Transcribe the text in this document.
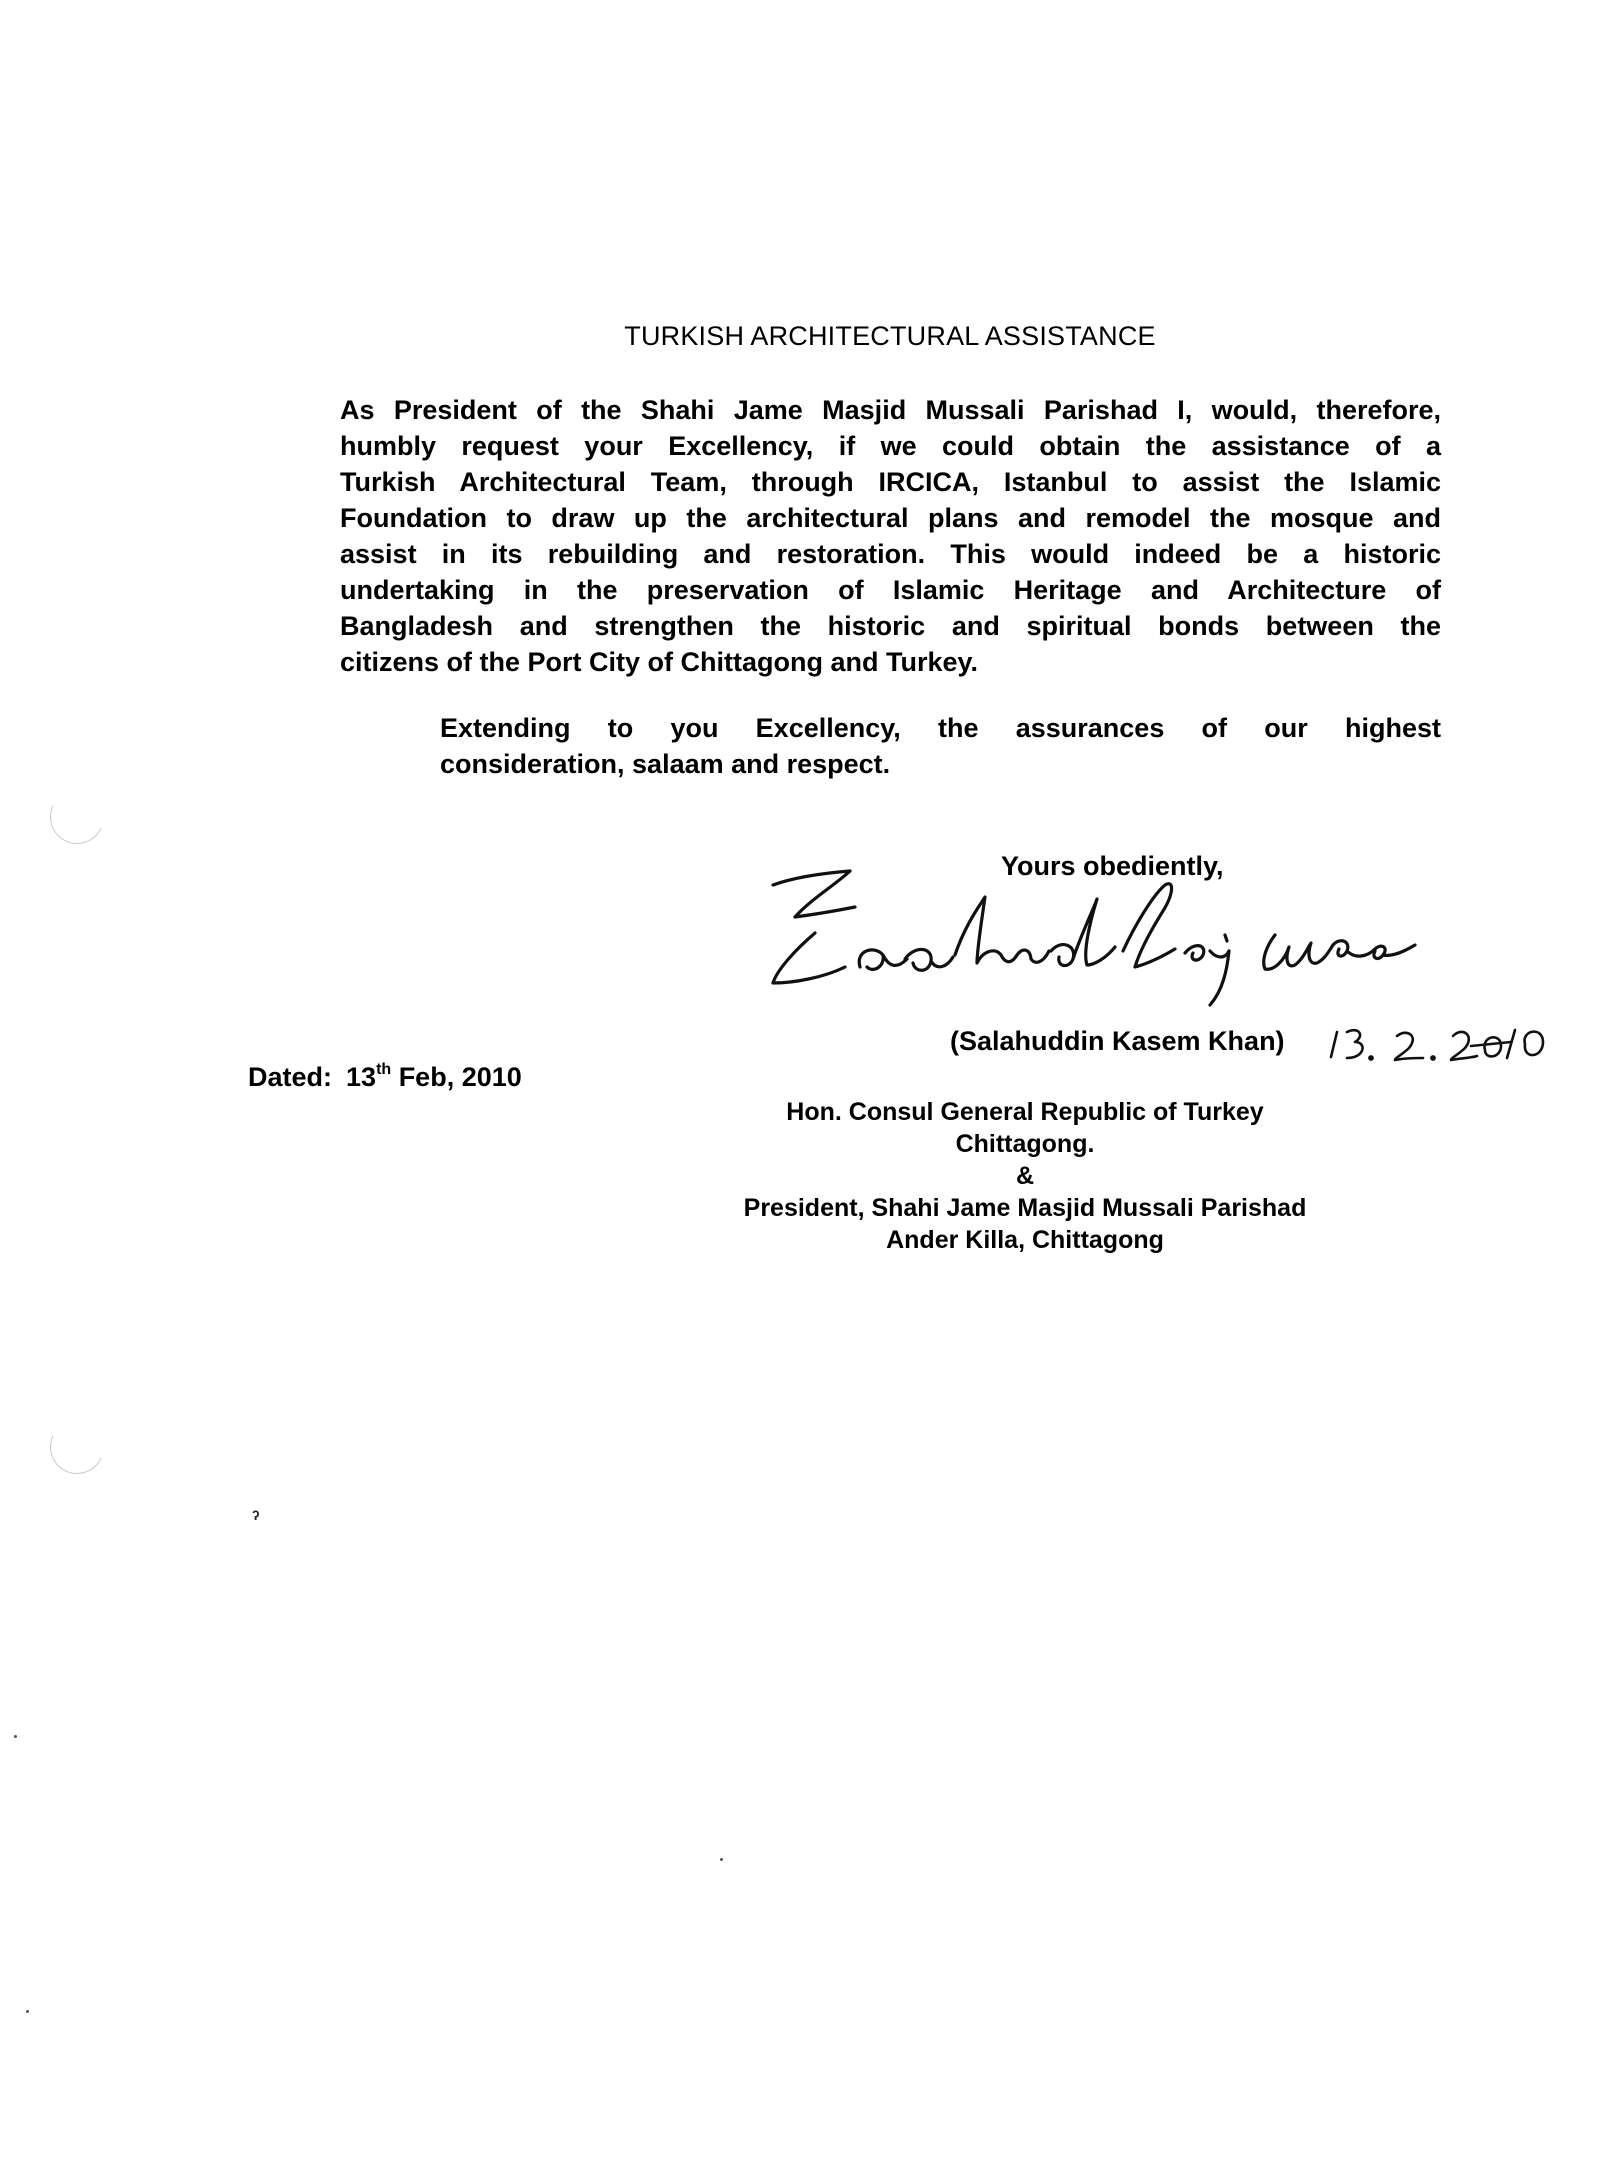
TURKISH ARCHITECTURAL ASSISTANCE
As President of the Shahi Jame Masjid Mussali Parishad I, would, therefore,
humbly request your Excellency, if we could obtain the assistance of a
Turkish Architectural Team, through IRCICA, Istanbul to assist the Islamic
Foundation to draw up the architectural plans and remodel the mosque and
assist in its rebuilding and restoration. This would indeed be a historic
undertaking in the preservation of Islamic Heritage and Architecture of
Bangladesh and strengthen the historic and spiritual bonds between the
citizens of the Port City of Chittagong and Turkey.
Extending to you Excellency, the assurances of our highest
consideration, salaam and respect.
Yours obediently,
(Salahuddin Kasem Khan)
Dated: 13th Feb, 2010
Hon. Consul General Republic of Turkey
Chittagong.
&
President, Shahi Jame Masjid Mussali Parishad
Ander Killa, Chittagong
ˀ
